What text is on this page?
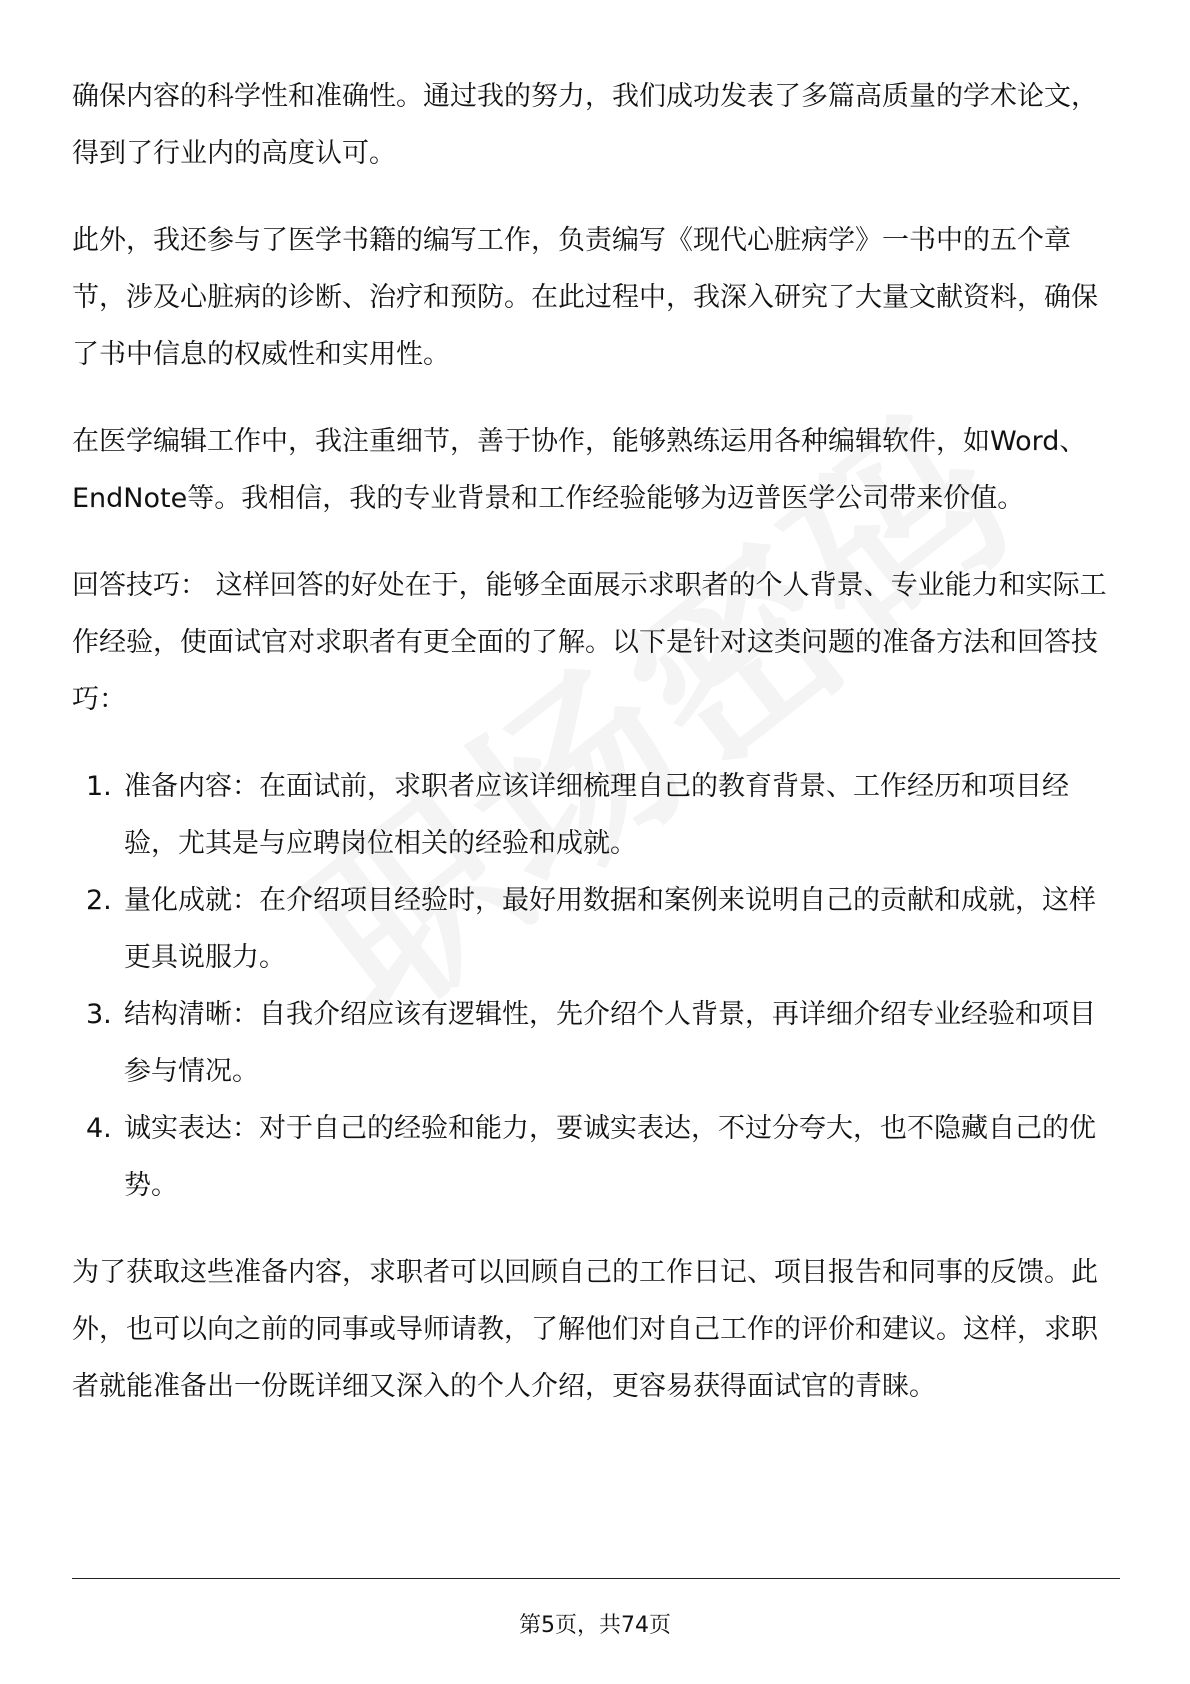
确保内容的科学性和准确性。通过我的努力，我们成功发表了多篇高质量的学术论文，得到了行业内的高度认可。

此外，我还参与了医学书籍的编写工作，负责编写《现代心脏病学》一书中的五个章节，涉及心脏病的诊断、治疗和预防。在此过程中，我深入研究了大量文献资料，确保了书中信息的权威性和实用性。

在医学编辑工作中，我注重细节，善于协作，能够熟练运用各种编辑软件，如Word、EndNote等。我相信，我的专业背景和工作经验能够为迈普医学公司带来价值。

回答技巧： 这样回答的好处在于，能够全面展示求职者的个人背景、专业能力和实际工作经验，使面试官对求职者有更全面的了解。以下是针对这类问题的准备方法和回答技巧：

1. 准备内容：在面试前，求职者应该详细梳理自己的教育背景、工作经历和项目经验，尤其是与应聘岗位相关的经验和成就。
2. 量化成就：在介绍项目经验时，最好用数据和案例来说明自己的贡献和成就，这样更具说服力。
3. 结构清晰：自我介绍应该有逻辑性，先介绍个人背景，再详细介绍专业经验和项目参与情况。
4. 诚实表达：对于自己的经验和能力，要诚实表达，不过分夸大，也不隐藏自己的优势。

为了获取这些准备内容，求职者可以回顾自己的工作日记、项目报告和同事的反馈。此外，也可以向之前的同事或导师请教，了解他们对自己工作的评价和建议。这样，求职者就能准备出一份既详细又深入的个人介绍，更容易获得面试官的青睐。

第5页，共74页
